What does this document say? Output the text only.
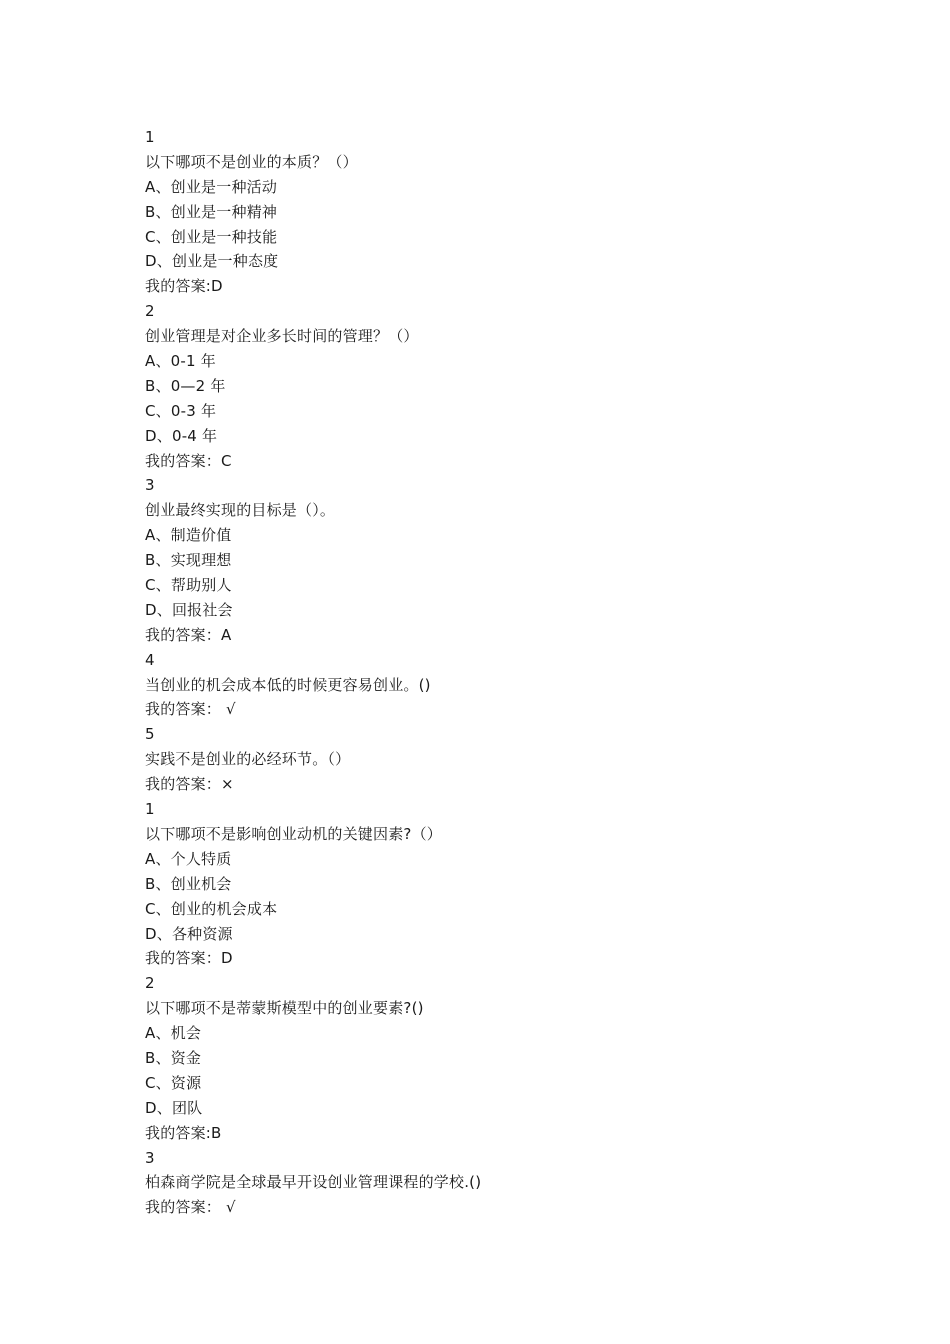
1
以下哪项不是创业的本质？（）
A、创业是一种活动
B、创业是一种精神
C、创业是一种技能
D、创业是一种态度
我的答案:D
2
创业管理是对企业多长时间的管理？（）
A、0-1 年
B、0—2 年
C、0-3 年
D、0-4 年
我的答案：C
3
创业最终实现的目标是（）。
A、制造价值
B、实现理想
C、帮助别人
D、回报社会
我的答案：A
4
当创业的机会成本低的时候更容易创业。()
我的答案： √
5
实践不是创业的必经环节。（）
我的答案：×
1
以下哪项不是影响创业动机的关键因素?（）
A、个人特质
B、创业机会
C、创业的机会成本
D、各种资源
我的答案：D
2
以下哪项不是蒂蒙斯模型中的创业要素?()
A、机会
B、资金
C、资源
D、团队
我的答案:B
3
柏森商学院是全球最早开设创业管理课程的学校.()
我的答案： √
